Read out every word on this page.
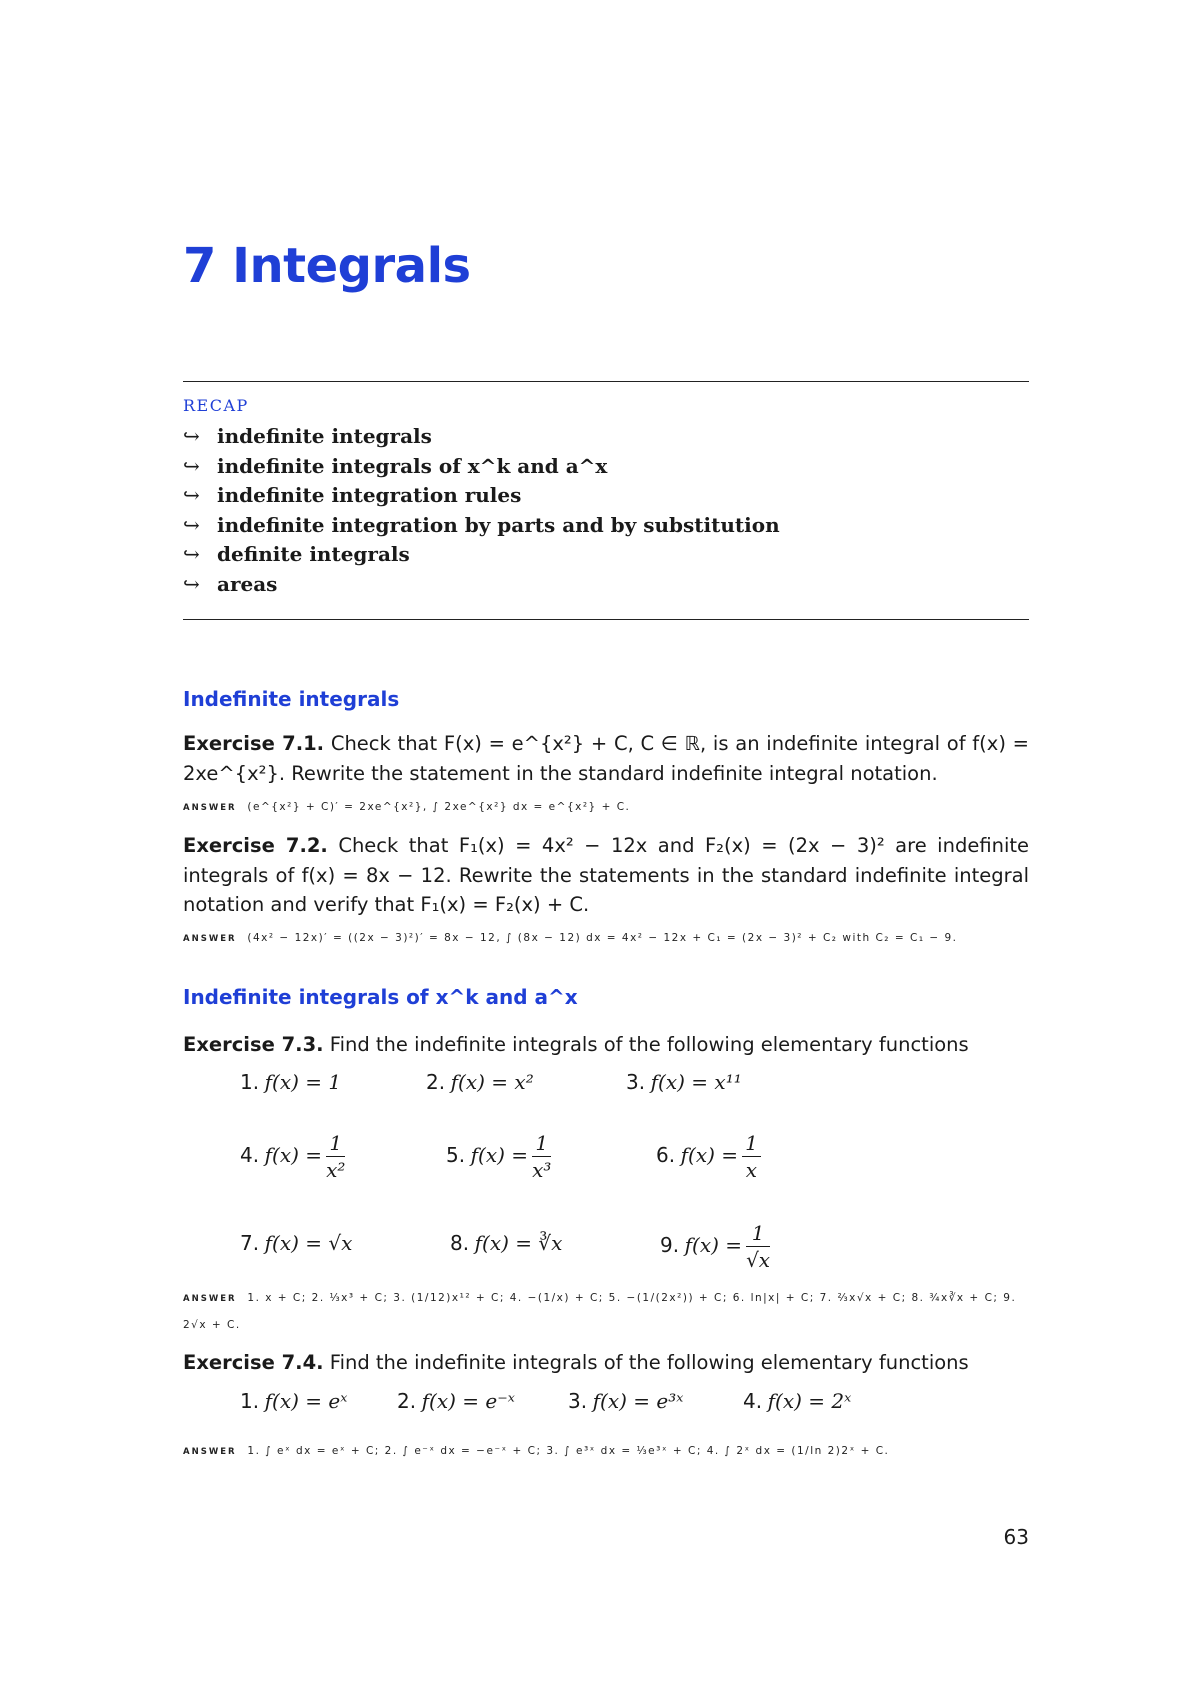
7 Integrals
RECAP
↪ indefinite integrals
↪ indefinite integrals of x^k and a^x
↪ indefinite integration rules
↪ indefinite integration by parts and by substitution
↪ definite integrals
↪ areas
Indefinite integrals
Exercise 7.1. Check that F(x) = e^{x²} + C, C ∈ ℝ, is an indefinite integral of f(x) = 2xe^{x²}. Rewrite the statement in the standard indefinite integral notation.
ANSWER (e^{x²} + C)′ = 2xe^{x²}, ∫ 2xe^{x²} dx = e^{x²} + C.
Exercise 7.2. Check that F₁(x) = 4x² − 12x and F₂(x) = (2x − 3)² are indefinite integrals of f(x) = 8x − 12. Rewrite the statements in the standard indefinite integral notation and verify that F₁(x) = F₂(x) + C.
ANSWER (4x² − 12x)′ = ((2x − 3)²)′ = 8x − 12, ∫ (8x − 12) dx = 4x² − 12x + C₁ = (2x − 3)² + C₂ with C₂ = C₁ − 9.
Indefinite integrals of x^k and a^x
Exercise 7.3. Find the indefinite integrals of the following elementary functions
1. f(x) = 1	2. f(x) = x²	3. f(x) = x¹¹
4. $f(x) = \frac{1}{\text{x²}}$	5. $f(x) = \frac{1}{\text{x³}}$	6. $f(x) = \frac{1}{x}$
7. f(x) = √x	8. f(x) = ∛x	9. $f(x) = \frac{1}{√x}$
ANSWER 1. x + C; 2. ⅓x³ + C; 3. (1/12)x¹² + C; 4. −(1/x) + C; 5. −(1/(2x²)) + C; 6. ln|x| + C; 7. ⅔x√x + C; 8. ¾x∛x + C; 9. 2√x + C.
Exercise 7.4. Find the indefinite integrals of the following elementary functions
1. f(x) = eˣ 2. f(x) = e⁻ˣ	3. f(x) = e³ˣ	4. f(x) = 2ˣ
ANSWER 1. ∫ eˣ dx = eˣ + C; 2. ∫ e⁻ˣ dx = −e⁻ˣ + C; 3. ∫ e³ˣ dx = ⅓e³ˣ + C; 4. ∫ 2ˣ dx = (1/ln 2)2ˣ + C.
63
